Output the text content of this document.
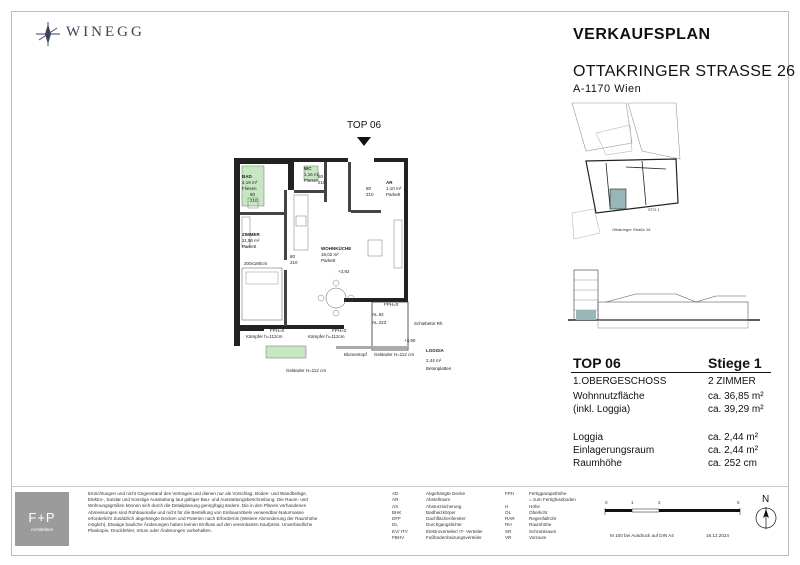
WINEGG	VERKAUFSPLAN
OTTAKRINGER STRASSE 26
A-1170 Wien
TOP 06
BAD
4,19 m²
Fliesen
WC
1,16 m²
Fliesen	AR
1,10 m²
Parkett
ZIMMER
11,56 m²
Parkett	WOHNKÜCHE
18,02 m²
Parkett
LOGGIA
2,44 m²
Betonplatten
200x180cm
80
210
80
210
80
210
80
210
+3,92
+3,90
FPH=0
Kämpfer h=112cm
FPH=0
Kämpfer h=112cm
FPH=0
AL 82
AL 223
Geländer H=112 cm
Geländer H=112 cm
Blumentopf
Schiebetür Rh
STG.1
Ottakringer Straße 26
TOP 06	Stiege 1
1.OBERGESCHOSS	2 ZIMMER
Wohnnutzfläche	ca. 36,85 m²
(inkl. Loggia)	ca. 39,29 m²
Loggia	ca. 2,44 m²
Einlagerungsraum	ca. 2,44 m²
Raumhöhe	ca. 252 cm
F+P
Architekten
Einrichtungen und nicht Gegenstand des Vertrages und dienen nur als Vorschlag. Boden- und Wandbeläge, Elektro-, Sanitär und Sonstige Ausstattung laut gültiger Bau- und Ausstattungsbeschreibung. Die Raum- und Wohnungsgrößen können sich durch die Detailplanung geringfügig ändern. Die in den Plänen vorhandenen Abmessungen sind Rohbaumaße und nicht für die Bestellung von Einbaumöbeln verwendbar-Naturmasse erforderlich! Zusätzlich abgehängte Decken und Poterien nach Erfordernis (Weitere Abminderung der Raumhöhe möglich). Etwaige bauliche Änderungen haben keinen Einfluss auf den vereinbarten Kaufpreis. Unverbindliche Plankopie, Druckfehler, Irrtum oder Änderungen vorbehalten.
AD	Abgehängte Decke
AR	Abstellraum
AS	Absturzsicherung
BHK	Badheizkörper
DFF	Dachflächenfenster
DL	Durchgangslichte
EV/ ITV	Elektroverteiler/ IT- Verteiler
FBHV	Fußbodenheizungsverteiler
FPH	Fertigparapethöhe
= zum Fertigfussboden
H	Höhe
OL	Oberlicht
RAR	Regenfallrohr
RH	Raumhöhe
SR	Schrankraum
VR	Vorraum
0	1	2	5
M 100 bei Ausdruck auf DIN A4	19.12.2024
N
